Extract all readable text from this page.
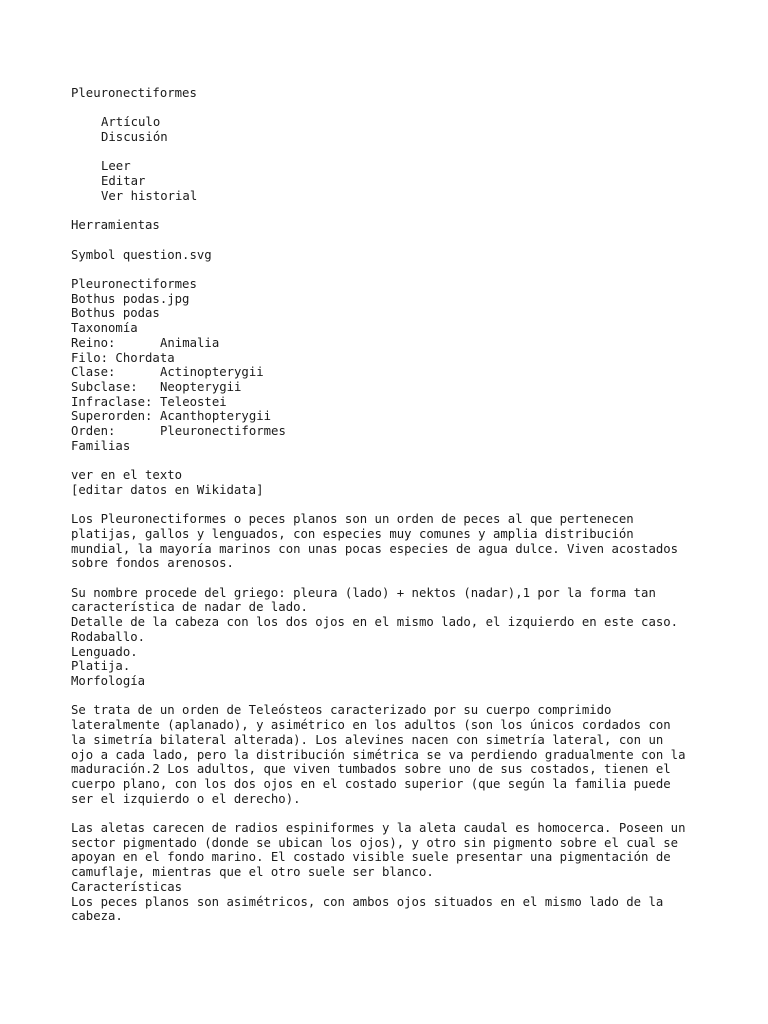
Pleuronectiformes
Artículo
Discusión
Leer
Editar
Ver historial
Herramientas
Symbol question.svg
Pleuronectiformes
Bothus podas.jpg
Bothus podas
Taxonomía
Reino:	Animalia
Filo: Chordata
Clase:	Actinopterygii
Subclase:	Neopterygii
Infraclase: Teleostei
Superorden: Acanthopterygii
Orden:	Pleuronectiformes
Familias
ver en el texto
[editar datos en Wikidata]
Los Pleuronectiformes o peces planos son un orden de peces al que pertenecen
platijas, gallos y lenguados, con especies muy comunes y amplia distribución
mundial, la mayoría marinos con unas pocas especies de agua dulce. Viven acostados
sobre fondos arenosos.
Su nombre procede del griego: pleura (lado) + nektos (nadar),1 por la forma tan
característica de nadar de lado.
Detalle de la cabeza con los dos ojos en el mismo lado, el izquierdo en este caso.
Rodaballo.
Lenguado.
Platija.
Morfología
Se trata de un orden de Teleósteos caracterizado por su cuerpo comprimido
lateralmente (aplanado), y asimétrico en los adultos (son los únicos cordados con
la simetría bilateral alterada). Los alevines nacen con simetría lateral, con un
ojo a cada lado, pero la distribución simétrica se va perdiendo gradualmente con la
maduración.2 Los adultos, que viven tumbados sobre uno de sus costados, tienen el
cuerpo plano, con los dos ojos en el costado superior (que según la familia puede
ser el izquierdo o el derecho).
Las aletas carecen de radios espiniformes y la aleta caudal es homocerca. Poseen un
sector pigmentado (donde se ubican los ojos), y otro sin pigmento sobre el cual se
apoyan en el fondo marino. El costado visible suele presentar una pigmentación de
camuflaje, mientras que el otro suele ser blanco.
Características
Los peces planos son asimétricos, con ambos ojos situados en el mismo lado de la
cabeza.
